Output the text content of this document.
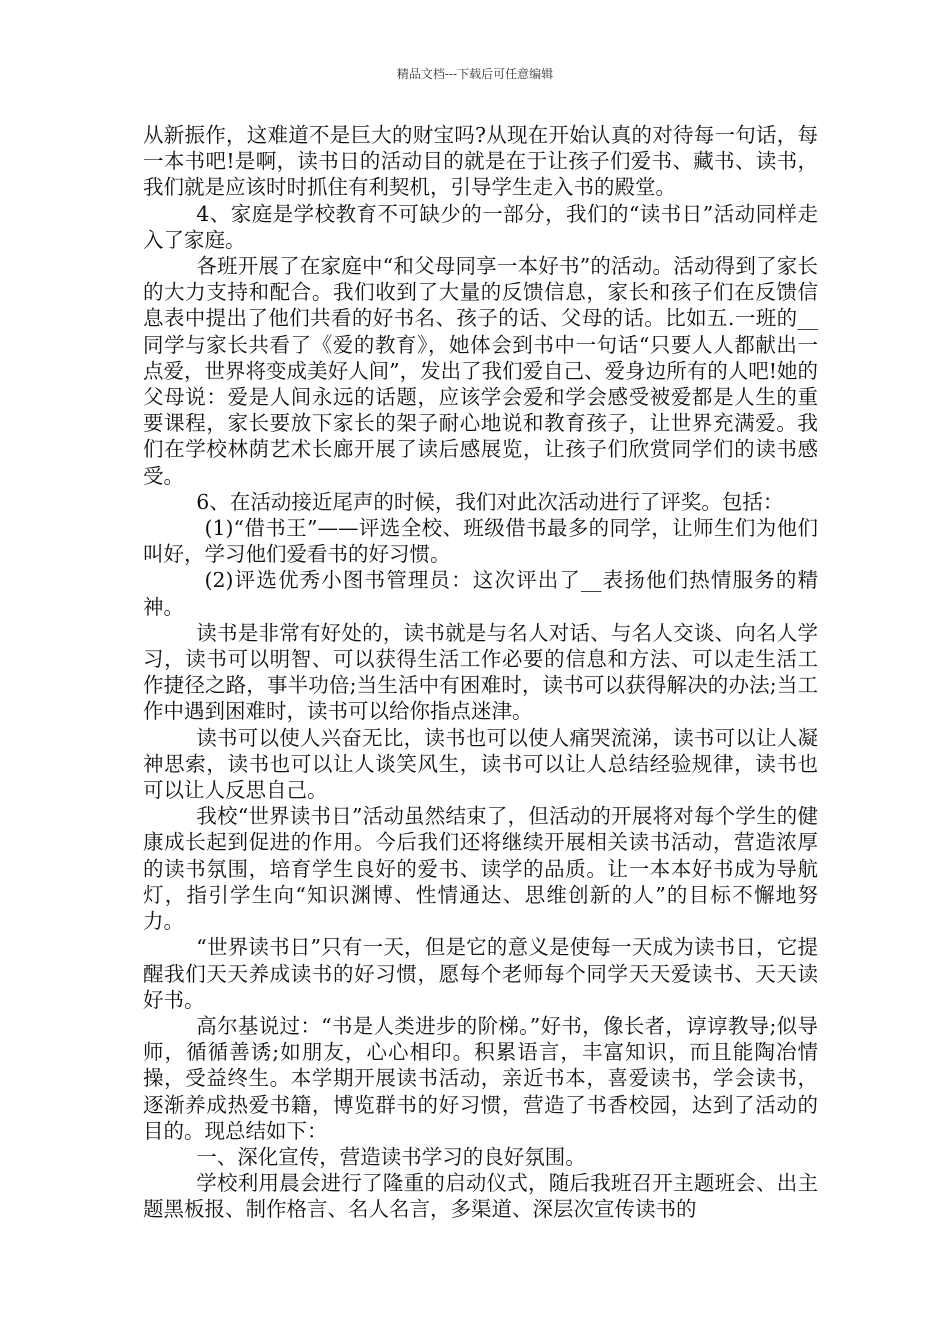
精品文档---下载后可任意编辑

从新振作，这难道不是巨大的财宝吗?从现在开始认真的对待每一句话，每一本书吧!是啊，读书日的活动目的就是在于让孩子们爱书、藏书、读书，我们就是应该时时抓住有利契机，引导学生走入书的殿堂。

4、家庭是学校教育不可缺少的一部分，我们的“读书日”活动同样走入了家庭。

各班开展了在家庭中“和父母同享一本好书”的活动。活动得到了家长的大力支持和配合。我们收到了大量的反馈信息，家长和孩子们在反馈信息表中提出了他们共看的好书名、孩子的话、父母的话。比如五.一班的__同学与家长共看了《爱的教育》，她体会到书中一句话“只要人人都献出一点爱，世界将变成美好人间”，发出了我们爱自己、爱身边所有的人吧!她的父母说：爱是人间永远的话题，应该学会爱和学会感受被爱都是人生的重要课程，家长要放下家长的架子耐心地说和教育孩子，让世界充满爱。我们在学校林荫艺术长廊开展了读后感展览，让孩子们欣赏同学们的读书感受。

6、在活动接近尾声的时候，我们对此次活动进行了评奖。包括：

(1)“借书王”——评选全校、班级借书最多的同学，让师生们为他们叫好，学习他们爱看书的好习惯。

(2)评选优秀小图书管理员：这次评出了__表扬他们热情服务的精神。

读书是非常有好处的，读书就是与名人对话、与名人交谈、向名人学习，读书可以明智、可以获得生活工作必要的信息和方法、可以走生活工作捷径之路，事半功倍;当生活中有困难时，读书可以获得解决的办法;当工作中遇到困难时，读书可以给你指点迷津。

读书可以使人兴奋无比，读书也可以使人痛哭流涕，读书可以让人凝神思索，读书也可以让人谈笑风生，读书可以让人总结经验规律，读书也可以让人反思自己。

我校“世界读书日”活动虽然结束了，但活动的开展将对每个学生的健康成长起到促进的作用。今后我们还将继续开展相关读书活动，营造浓厚的读书氛围，培育学生良好的爱书、读学的品质。让一本本好书成为导航灯，指引学生向“知识渊博、性情通达、思维创新的人”的目标不懈地努力。

“世界读书日”只有一天，但是它的意义是使每一天成为读书日，它提醒我们天天养成读书的好习惯，愿每个老师每个同学天天爱读书、天天读好书。

高尔基说过：“书是人类进步的阶梯。”好书，像长者，谆谆教导;似导师，循循善诱;如朋友，心心相印。积累语言，丰富知识，而且能陶冶情操，受益终生。本学期开展读书活动，亲近书本，喜爱读书，学会读书，逐渐养成热爱书籍，博览群书的好习惯，营造了书香校园，达到了活动的目的。现总结如下：

一、深化宣传，营造读书学习的良好氛围。

学校利用晨会进行了隆重的启动仪式，随后我班召开主题班会、出主题黑板报、制作格言、名人名言，多渠道、深层次宣传读书的
